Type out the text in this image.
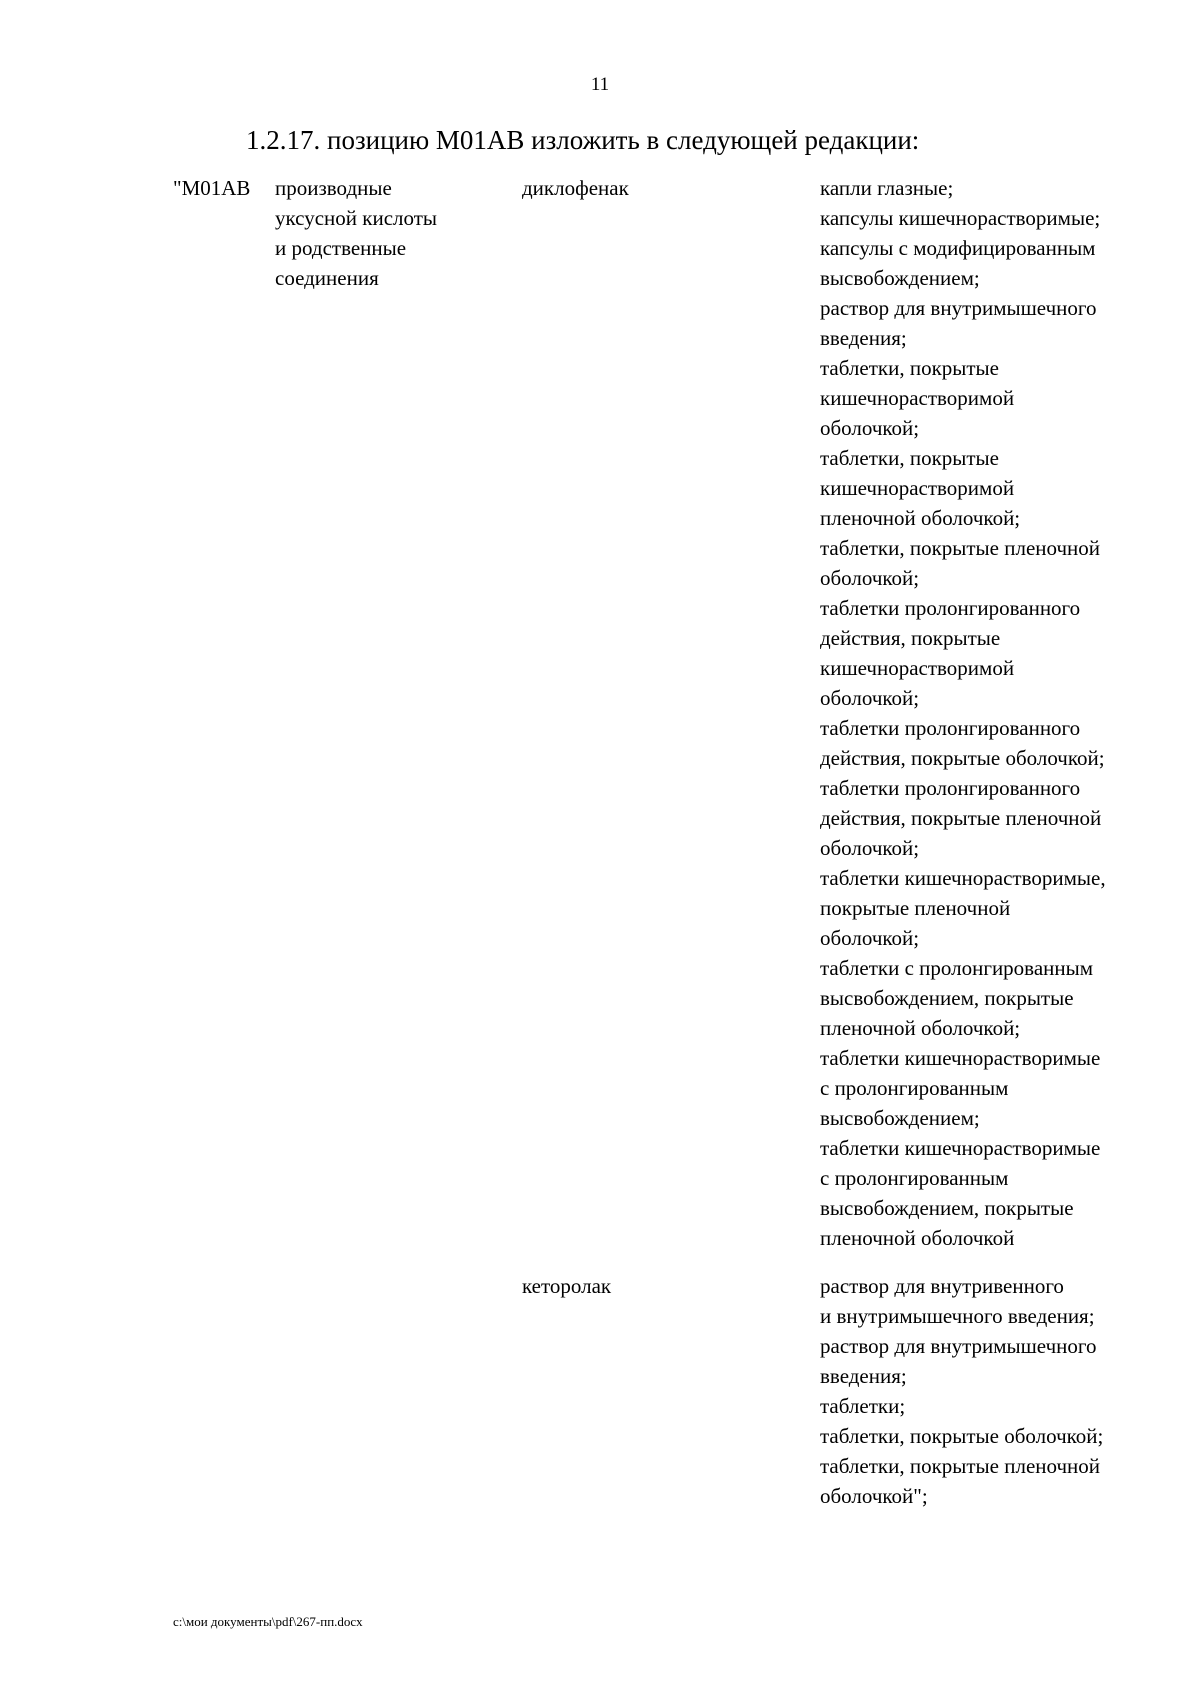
11
1.2.17. позицию М01АВ изложить в следующей редакции:
"М01АВ производные
уксусной кислоты
и родственные
соединения
диклофенак	капли глазные;
капсулы кишечнорастворимые;
капсулы с модифицированным
высвобождением;
раствор для внутримышечного
введения;
таблетки, покрытые
кишечнорастворимой
оболочкой;
таблетки, покрытые
кишечнорастворимой
пленочной оболочкой;
таблетки, покрытые пленочной
оболочкой;
таблетки пролонгированного
действия, покрытые
кишечнорастворимой
оболочкой;
таблетки пролонгированного
действия, покрытые оболочкой;
таблетки пролонгированного
действия, покрытые пленочной
оболочкой;
таблетки кишечнорастворимые,
покрытые пленочной
оболочкой;
таблетки с пролонгированным
высвобождением, покрытые
пленочной оболочкой;
таблетки кишечнорастворимые
с пролонгированным
высвобождением;
таблетки кишечнорастворимые
с пролонгированным
высвобождением, покрытые
пленочной оболочкой
кеторолак	раствор для внутривенного
и внутримышечного введения;
раствор для внутримышечного
введения;
таблетки;
таблетки, покрытые оболочкой;
таблетки, покрытые пленочной
оболочкой";
c:\мои документы\pdf\267-пп.docx
